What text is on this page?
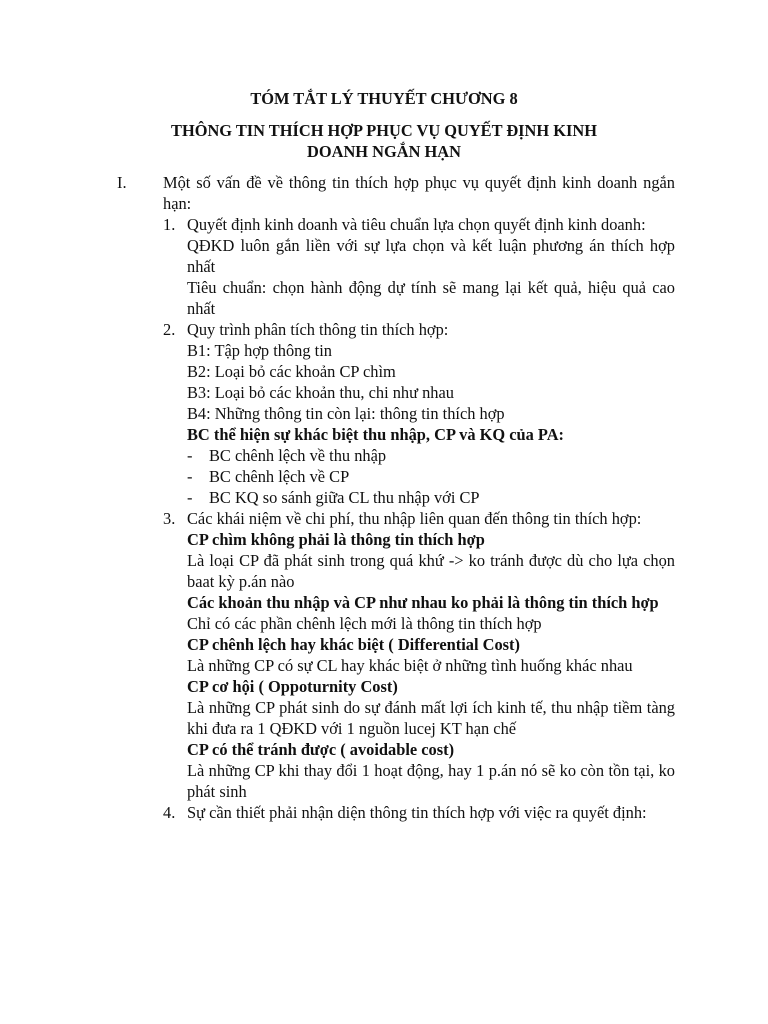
TÓM TẮT LÝ THUYẾT CHƯƠNG 8
THÔNG TIN THÍCH HỢP PHỤC VỤ QUYẾT ĐỊNH KINH DOANH NGẮN HẠN
I. Một số vấn đề về thông tin thích hợp phục vụ quyết định kinh doanh ngắn hạn:
1. Quyết định kinh doanh và tiêu chuẩn lựa chọn quyết định kinh doanh:
QĐKD luôn gắn liền với sự lựa chọn và kết luận phương án thích hợp nhất
Tiêu chuẩn: chọn hành động dự tính sẽ mang lại kết quả, hiệu quả cao nhất
2. Quy trình phân tích thông tin thích hợp:
B1: Tập hợp thông tin
B2: Loại bỏ các khoản CP chìm
B3: Loại bỏ các khoản thu, chi như nhau
B4: Những thông tin còn lại: thông tin thích hợp
BC thể hiện sự khác biệt thu nhập, CP và KQ của PA:
- BC chênh lệch về thu nhập
- BC chênh lệch về CP
- BC KQ so sánh giữa CL thu nhập với CP
3. Các khái niệm về chi phí, thu nhập liên quan đến thông tin thích hợp:
CP chìm không phải là thông tin thích hợp
Là loại CP đã phát sinh trong quá khứ -> ko tránh được dù cho lựa chọn baat kỳ p.án nào
Các khoản thu nhập và CP như nhau ko phải là thông tin thích hợp
Chỉ có các phần chênh lệch mới là thông tin thích hợp
CP chênh lệch hay khác biệt ( Differential Cost)
Là những CP có sự CL hay khác biệt ở những tình huống khác nhau
CP cơ hội ( Oppoturnity Cost)
Là những CP phát sinh do sự đánh mất lợi ích kinh tế, thu nhập tiềm tàng khi đưa ra 1 QĐKD với 1 nguồn lucej KT hạn chế
CP có thể tránh được ( avoidable cost)
Là những CP khi thay đổi 1 hoạt động, hay 1 p.án nó sẽ ko còn tồn tại, ko phát sinh
4. Sự cần thiết phải nhận diện thông tin thích hợp với việc ra quyết định:
